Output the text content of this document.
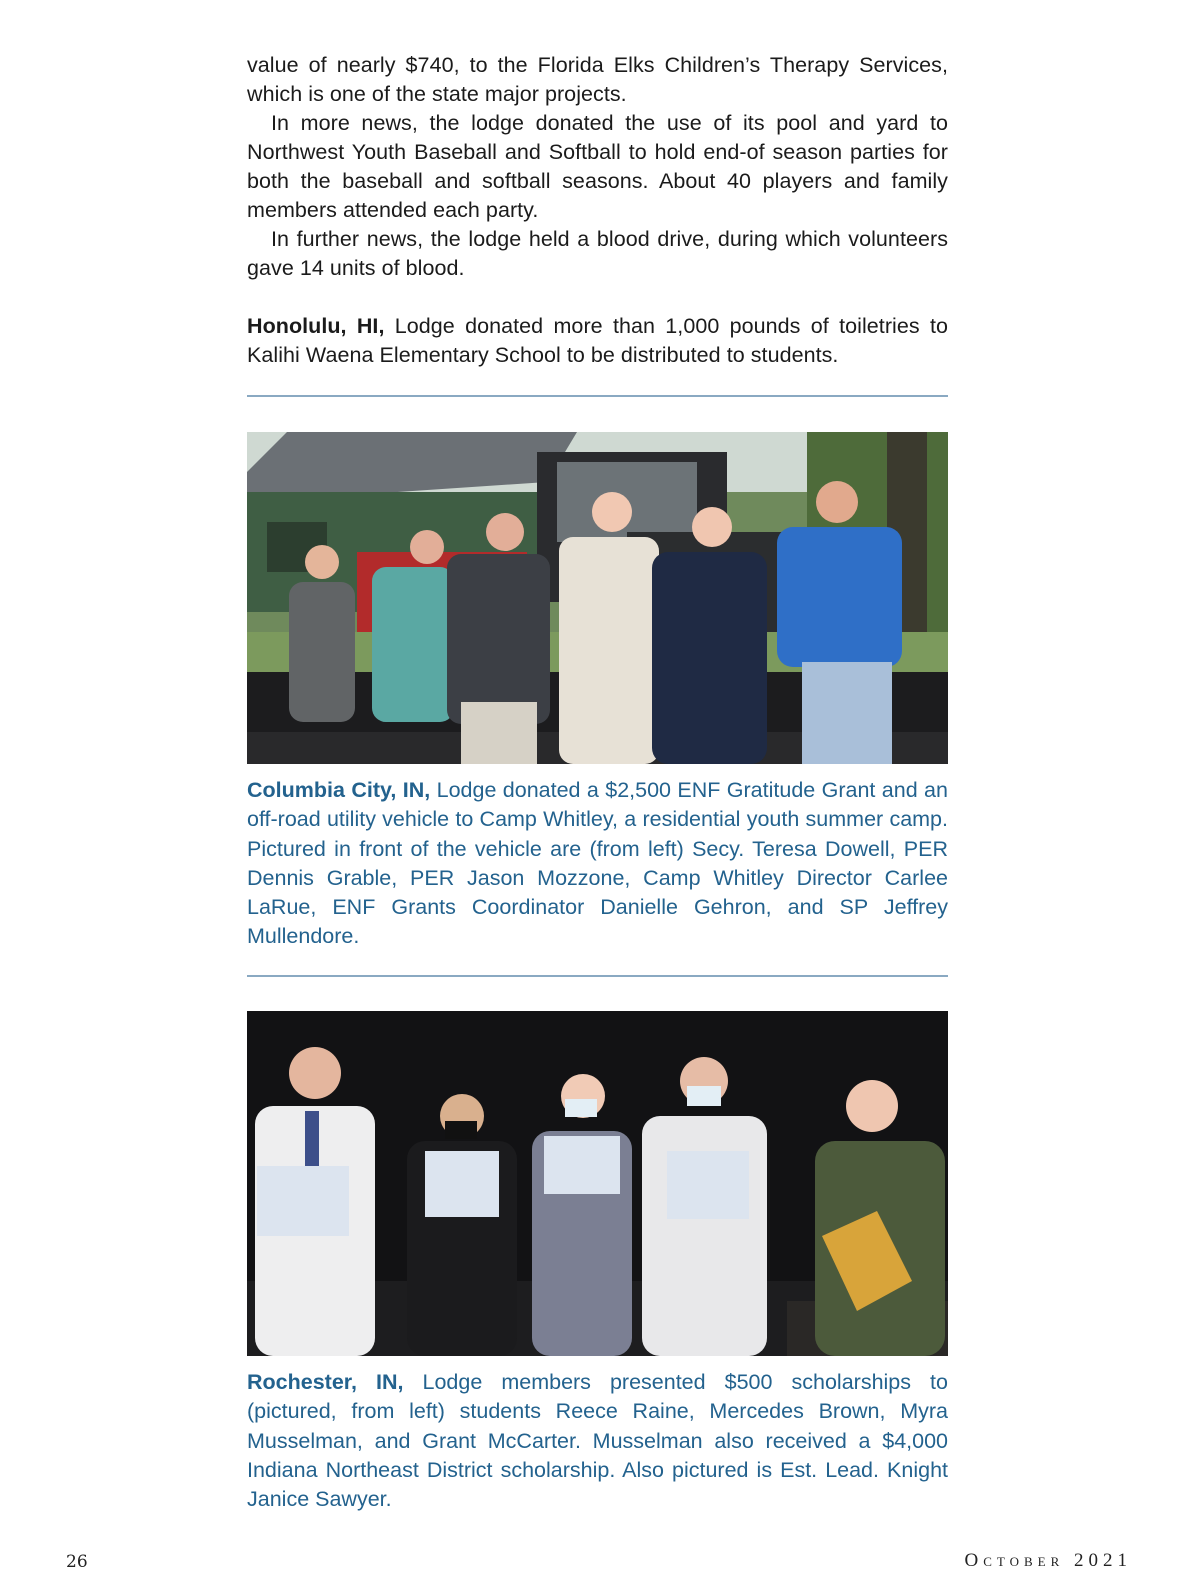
value of nearly $740, to the Florida Elks Children’s Therapy Services, which is one of the state major projects.

In more news, the lodge donated the use of its pool and yard to Northwest Youth Baseball and Softball to hold end-of season parties for both the baseball and softball seasons. About 40 players and family members attended each party.

In further news, the lodge held a blood drive, during which volunteers gave 14 units of blood.

Honolulu, HI, Lodge donated more than 1,000 pounds of toiletries to Kalihi Waena Elementary School to be distributed to students.

Columbia City, IN, Lodge donated a $2,500 ENF Gratitude Grant and an off-road utility vehicle to Camp Whitley, a residential youth summer camp. Pictured in front of the vehicle are (from left) Secy. Teresa Dowell, PER Dennis Grable, PER Jason Mozzone, Camp Whitley Director Carlee LaRue, ENF Grants Coordinator Danielle Gehron, and SP Jeffrey Mullendore.

Rochester, IN, Lodge members presented $500 scholarships to (pictured, from left) students Reece Raine, Mercedes Brown, Myra Musselman, and Grant McCarter. Musselman also received a $4,000 Indiana Northeast District scholarship. Also pictured is Est. Lead. Knight Janice Sawyer.

26	October 2021
